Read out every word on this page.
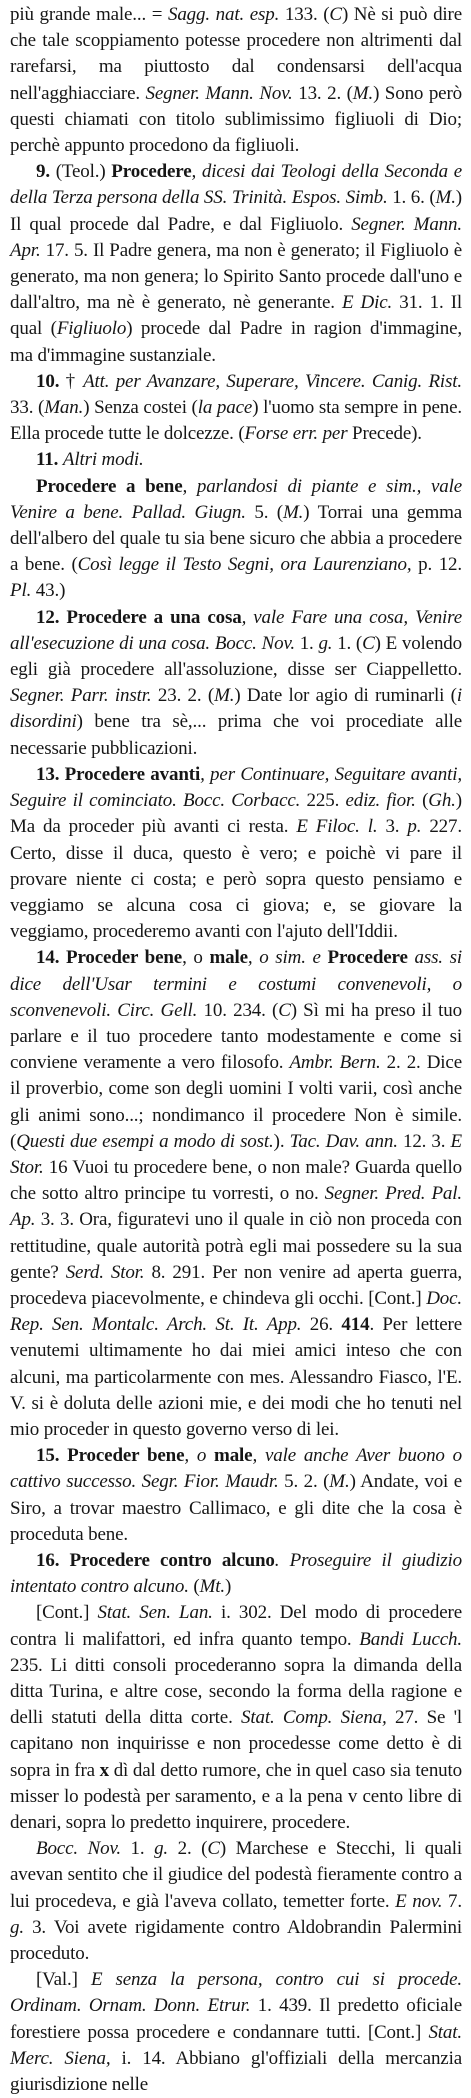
più grande male... = Sagg. nat. esp. 133. (C) Nè si può dire che tale scoppiamento potesse procedere non altrimenti dal rarefarsi, ma piuttosto dal condensarsi dell'acqua nell'agghiacciare. Segner. Mann. Nov. 13. 2. (M.) Sono però questi chiamati con titolo sublimissimo figliuoli di Dio; perchè appunto procedono da figliuoli.

9. (Teol.) Procedere, dicesi dai Teologi della Seconda e della Terza persona della SS. Trinità. Espos. Simb. 1. 6. (M.) Il qual procede dal Padre, e dal Figliuolo. Segner. Mann. Apr. 17. 5. Il Padre genera, ma non è generato; il Figliuolo è generato, ma non genera; lo Spirito Santo procede dall'uno e dall'altro, ma nè è generato, nè generante. E Dic. 31. 1. Il qual (Figliuolo) procede dal Padre in ragion d'immagine, ma d'immagine sustanziale.

10. † Att. per Avanzare, Superare, Vincere. Canig. Rist. 33. (Man.) Senza costei (la pace) l'uomo sta sempre in pene. Ella procede tutte le dolcezze. (Forse err. per Precede).

11. Altri modi.

Procedere a bene, parlandosi di piante e sim., vale Venire a bene. Pallad. Giugn. 5. (M.) Torrai una gemma dell'albero del quale tu sia bene sicuro che abbia a procedere a bene. (Così legge il Testo Segni, ora Laurenziano, p. 12. Pl. 43.)

12. Procedere a una cosa, vale Fare una cosa, Venire all'esecuzione di una cosa. Bocc. Nov. 1. g. 1. (C) E volendo egli già procedere all'assoluzione, disse ser Ciappelletto. Segner. Parr. instr. 23. 2. (M.) Date lor agio di ruminarli (i disordini) bene tra sè,... prima che voi procediate alle necessarie pubblicazioni.

13. Procedere avanti, per Continuare, Seguitare avanti, Seguire il cominciato. Bocc. Corbacc. 225. ediz. fior. (Gh.) Ma da proceder più avanti ci resta. E Filoc. l. 3. p. 227. Certo, disse il duca, questo è vero; e poichè vi pare il provare niente ci costa; e però sopra questo pensiamo e veggiamo se alcuna cosa ci giova; e, se giovare la veggiamo, procederemo avanti con l'ajuto dell'Iddii.

14. Proceder bene, o male, o sim. e Procedere ass. si dice dell'Usar termini e costumi convenevoli, o sconvenevoli. Circ. Gell. 10. 234. (C) Sì mi ha preso il tuo parlare e il tuo procedere tanto modestamente e come si conviene veramente a vero filosofo. Ambr. Bern. 2. 2. Dice il proverbio, come son degli uomini I volti varii, così anche gli animi sono...; nondimanco il procedere Non è simile. (Questi due esempi a modo di sost.). Tac. Dav. ann. 12. 3. E Stor. 16 Vuoi tu procedere bene, o non male? Guarda quello che sotto altro principe tu vorresti, o no. Segner. Pred. Pal. Ap. 3. 3. Ora, figuratevi uno il quale in ciò non proceda con rettitudine, quale autorità potrà egli mai possedere su la sua gente? Serd. Stor. 8. 291. Per non venire ad aperta guerra, procedeva piacevolmente, e chindeva gli occhi. [Cont.] Doc. Rep. Sen. Montalc. Arch. St. It. App. 26. 414. Per lettere venutemi ultimamente ho dai miei amici inteso che con alcuni, ma particolarmente con mes. Alessandro Fiasco, l'E. V. si è doluta delle azioni mie, e dei modi che ho tenuti nel mio proceder in questo governo verso di lei.

15. Proceder bene, o male, vale anche Aver buono o cattivo successo. Segr. Fior. Maudr. 5. 2. (M.) Andate, voi e Siro, a trovar maestro Callimaco, e gli dite che la cosa è proceduta bene.

16. Procedere contro alcuno. Proseguire il giudizio intentato contro alcuno. (Mt.)

[Cont.] Stat. Sen. Lan. i. 302. Del modo di procedere contra li malifattori, ed infra quanto tempo. Bandi Lucch. 235. Li ditti consoli procederanno sopra la dimanda della ditta Turina, e altre cose, secondo la forma della ragione e delli statuti della ditta corte. Stat. Comp. Siena, 27. Se 'l capitano non inquirisse e non procedesse come detto è di sopra in fra x dì dal detto rumore, che in quel caso sia tenuto misser lo podestà per saramento, e a la pena v cento libre di denari, sopra lo predetto inquirere, procedere.

Bocc. Nov. 1. g. 2. (C) Marchese e Stecchi, li quali avevan sentito che il giudice del podestà fieramente contro a lui procedeva, e già l'aveva collato, temetter forte. E nov. 7. g. 3. Voi avete rigidamente contro Aldobrandin Palermini proceduto.

[Val.] E senza la persona, contro cui si procede. Ordinam. Ornam. Donn. Etrur. 1. 439. Il predetto oficiale forestiere possa procedere e condannare tutti. [Cont.] Stat. Merc. Siena, i. 14. Abbiano gl'offiziali della mercanzia giurisdizione nelle
